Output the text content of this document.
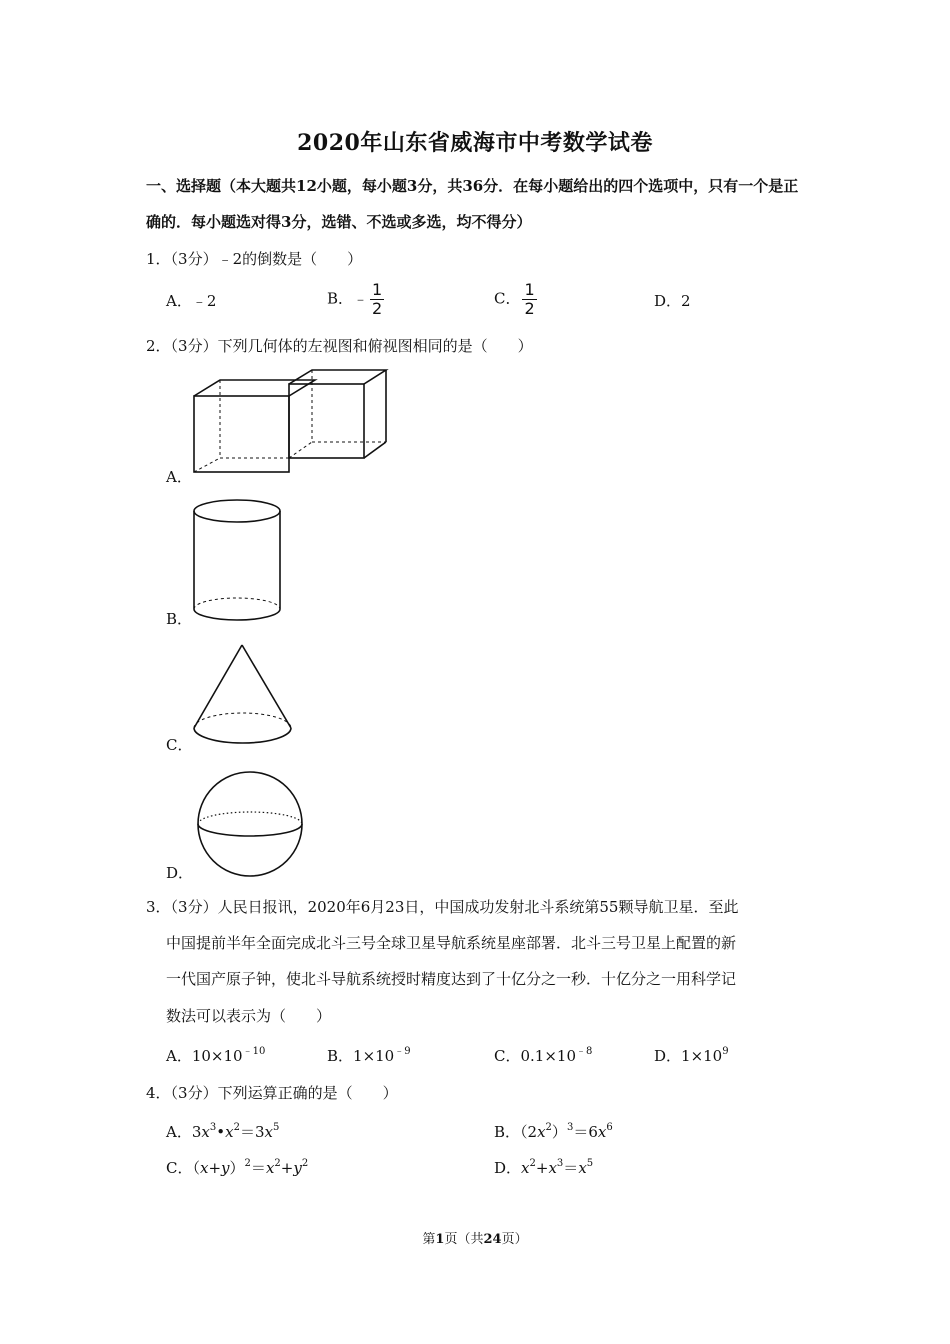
2020年山东省威海市中考数学试卷
一、选择题（本大题共12小题，每小题3分，共36分．在每小题给出的四个选项中，只有一个是正确的．每小题选对得3分，选错、不选或多选，均不得分）
1．（3分）﹣2的倒数是（　　）
A．﹣2	B．﹣ $\frac{1}{2}$	C． $\frac{1}{2}$	D．2
2．（3分）下列几何体的左视图和俯视图相同的是（　　）
A．
B．
C．
D．
3．（3分）人民日报讯，2020年6月23日，中国成功发射北斗系统第55颗导航卫星．至此
中国提前半年全面完成北斗三号全球卫星导航系统星座部署．北斗三号卫星上配置的新
一代国产原子钟，使北斗导航系统授时精度达到了十亿分之一秒．十亿分之一用科学记
数法可以表示为（　　）
A．$10\times 10^{﹣10}$	B．$1\times 10^{﹣9}$	C．$0.1\times 10^{﹣8}$	D．$1\times 10^9$
4．（3分）下列运算正确的是（　　）
A．$3x^3•x^2=3x^5$	B．$(2x^2)^3=6x^6$
C．$(x+y)^2=x^2+y^2$	D．$x^2+x^3=x^5$
第1页（共24页）
